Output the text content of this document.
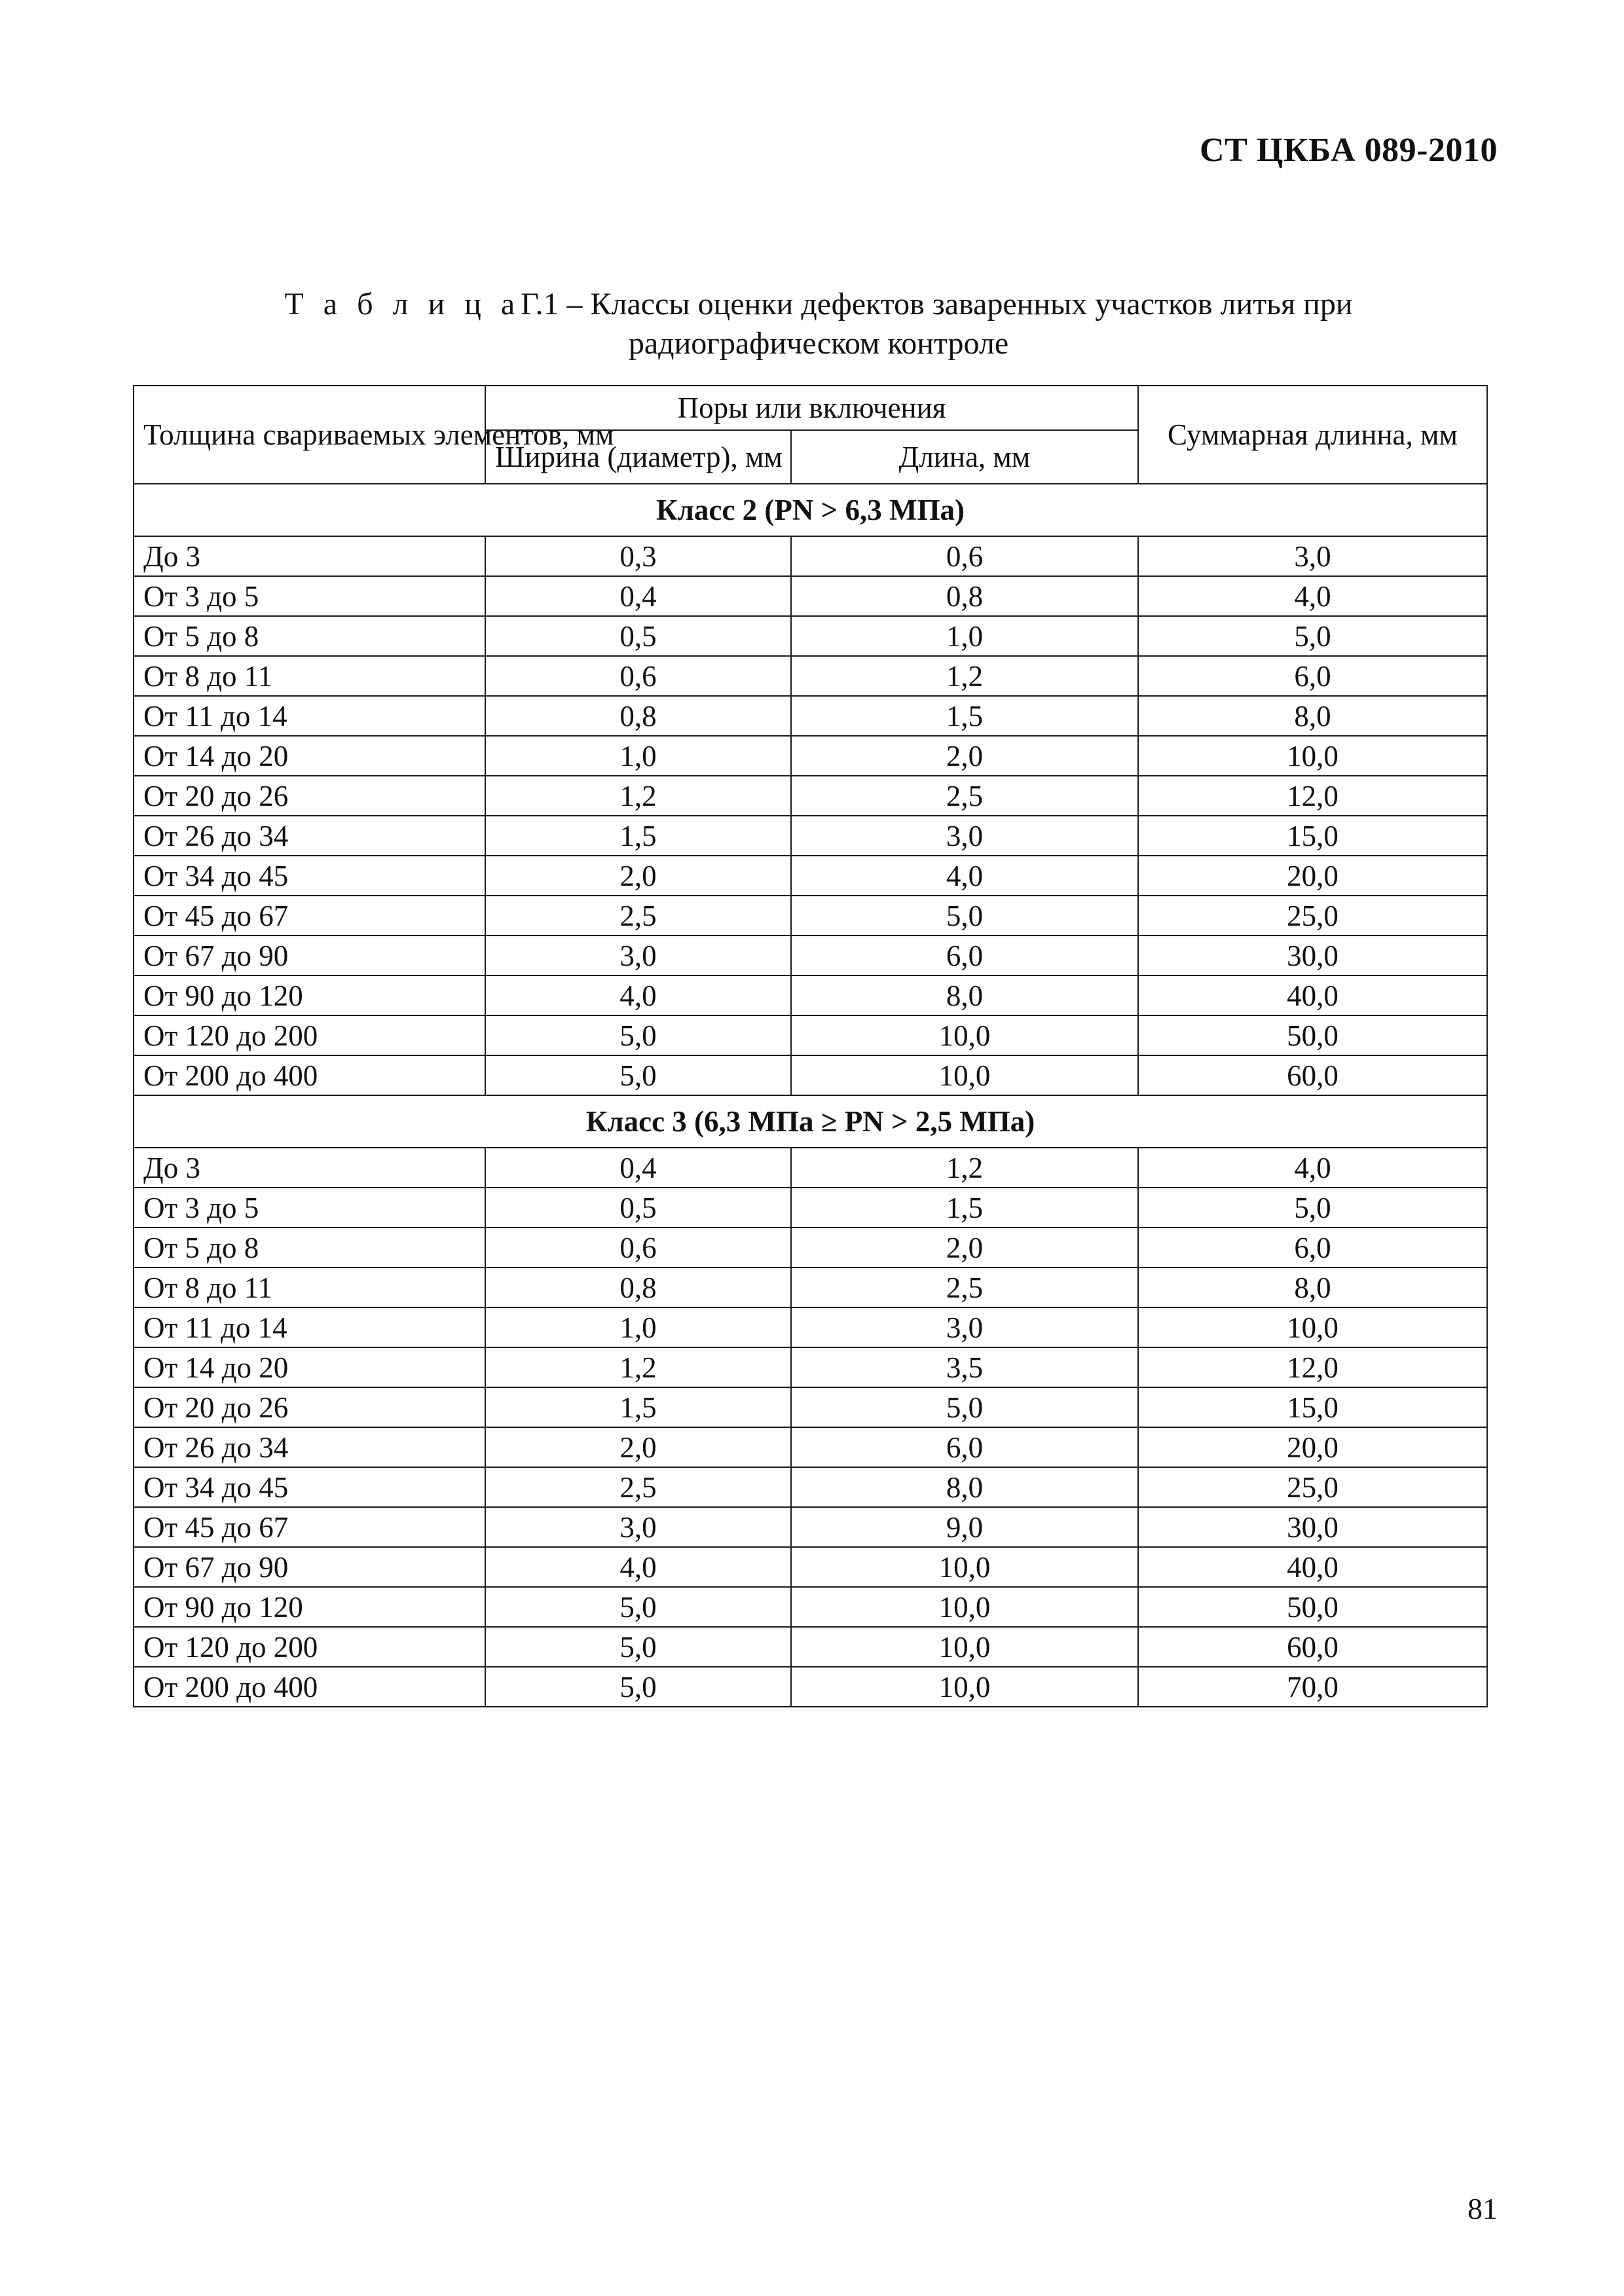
СТ ЦКБА 089-2010
Т а б л и ц аГ.1 – Классы оценки дефектов заваренных участков литья при
радиографическом контроле
Толщина свариваемых элементов, мм	Поры или включения		Суммарная длинна, мм
	Ширина (диаметр), мм	Длина, мм	
Класс 2 (PN > 6,3 МПа)			
До 3	0,3	0,6	3,0
От 3 до 5	0,4	0,8	4,0
От 5 до 8	0,5	1,0	5,0
От 8 до 11	0,6	1,2	6,0
От 11 до 14	0,8	1,5	8,0
От 14 до 20	1,0	2,0	10,0
От 20 до 26	1,2	2,5	12,0
От 26 до 34	1,5	3,0	15,0
От 34 до 45	2,0	4,0	20,0
От 45 до 67	2,5	5,0	25,0
От 67 до 90	3,0	6,0	30,0
От 90 до 120	4,0	8,0	40,0
От 120 до 200	5,0	10,0	50,0
От 200 до 400	5,0	10,0	60,0
Класс 3 (6,3 МПа ≥ PN > 2,5 МПа)			
До 3	0,4	1,2	4,0
От 3 до 5	0,5	1,5	5,0
От 5 до 8	0,6	2,0	6,0
От 8 до 11	0,8	2,5	8,0
От 11 до 14	1,0	3,0	10,0
От 14 до 20	1,2	3,5	12,0
От 20 до 26	1,5	5,0	15,0
От 26 до 34	2,0	6,0	20,0
От 34 до 45	2,5	8,0	25,0
От 45 до 67	3,0	9,0	30,0
От 67 до 90	4,0	10,0	40,0
От 90 до 120	5,0	10,0	50,0
От 120 до 200	5,0	10,0	60,0
От 200 до 400	5,0	10,0	70,0
81
